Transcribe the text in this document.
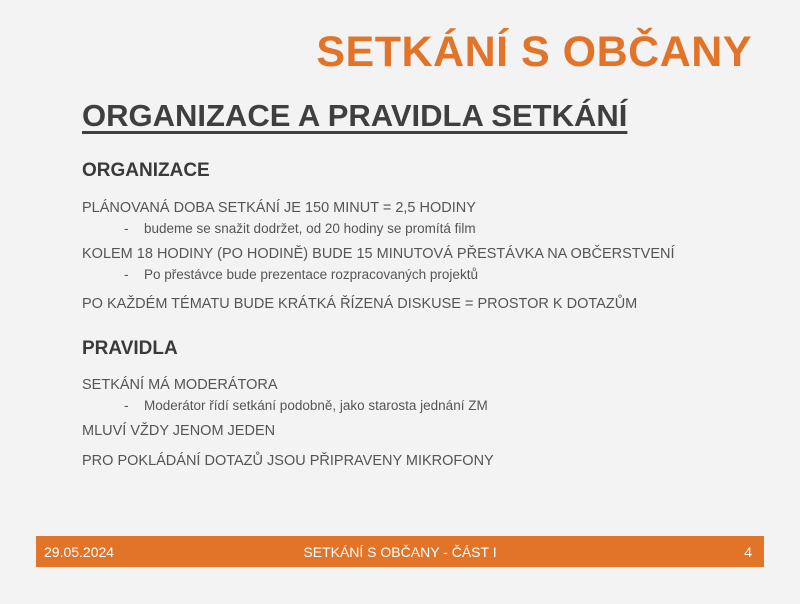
SETKÁNÍ S OBČANY
ORGANIZACE A PRAVIDLA SETKÁNÍ

ORGANIZACE

PLÁNOVANÁ DOBA SETKÁNÍ JE 150 MINUT = 2,5 HODINY

- budeme se snažit dodržet, od 20 hodiny se promítá film

KOLEM 18 HODINY (PO HODINĚ) BUDE 15 MINUTOVÁ PŘESTÁVKA NA OBČERSTVENÍ

- Po přestávce bude prezentace rozpracovaných projektů

PO KAŽDÉM TÉMATU BUDE KRÁTKÁ ŘÍZENÁ DISKUSE = PROSTOR K DOTAZŮM

PRAVIDLA

SETKÁNÍ MÁ MODERÁTORA

- Moderátor řídí setkání podobně, jako starosta jednání ZM

MLUVÍ VŽDY JENOM JEDEN

PRO POKLÁDÁNÍ DOTAZŮ JSOU PŘIPRAVENY MIKROFONY

29.05.2024	SETKÁNÍ S OBČANY - ČÁST I	4
